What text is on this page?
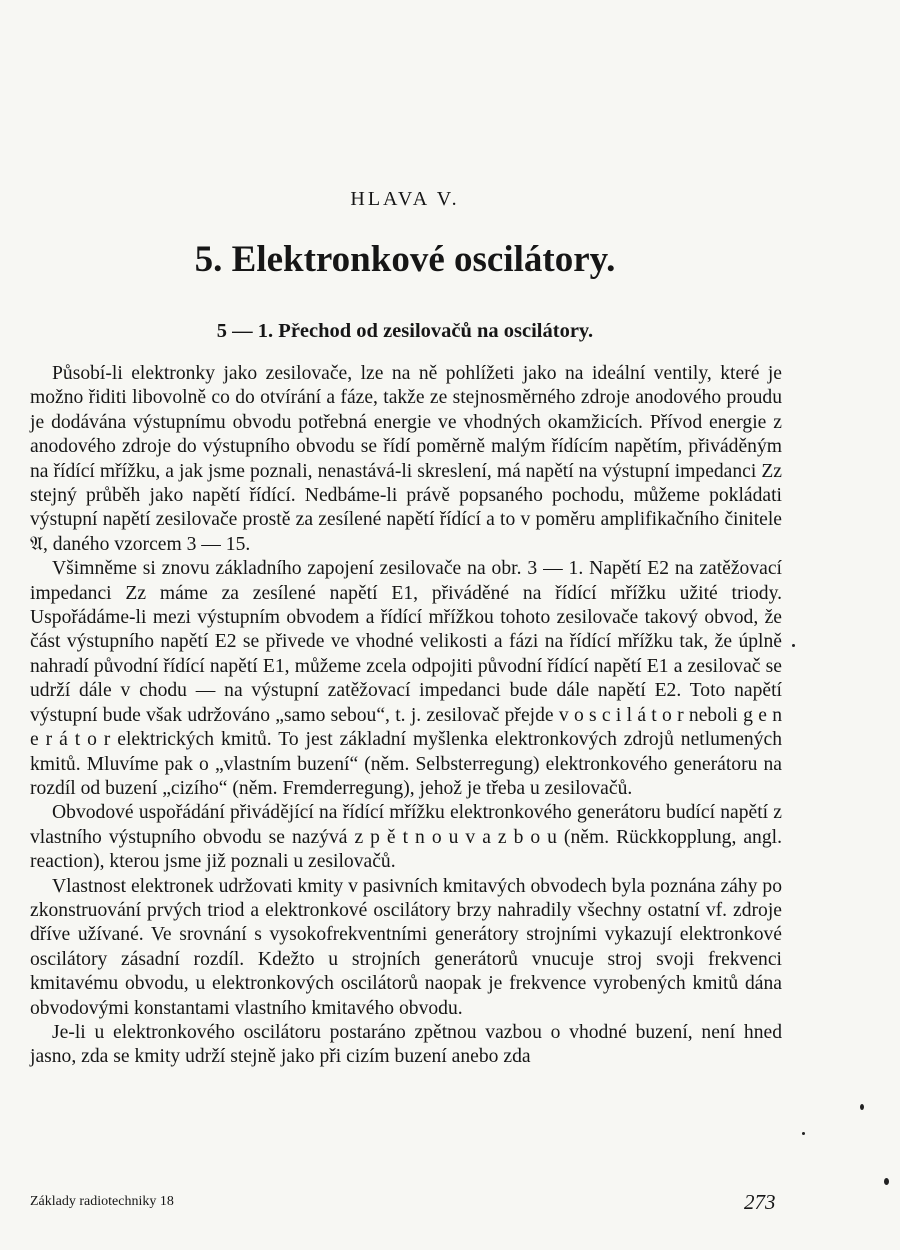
HLAVA V.
5. Elektronkové oscilátory.
5 — 1. Přechod od zesilovačů na oscilátory.

Působí-li elektronky jako zesilovače, lze na ně pohlížeti jako na ideální ventily, které je možno řiditi libovolně co do otvírání a fáze, takže ze stejnosměrného zdroje anodového proudu je dodávána výstupnímu obvodu potřebná energie ve vhodných okamžicích. Přívod energie z anodového zdroje do výstupního obvodu se řídí poměrně malým řídícím napětím, přiváděným na řídící mřížku, a jak jsme poznali, nenastává-li skreslení, má napětí na výstupní impedanci Zz stejný průběh jako napětí řídící. Nedbáme-li právě popsaného pochodu, můžeme pokládati výstupní napětí zesilovače prostě za zesílené napětí řídící a to v poměru amplifikačního činitele 𝔄, daného vzorcem 3 — 15.

Všimněme si znovu základního zapojení zesilovače na obr. 3 — 1. Napětí E2 na zatěžovací impedanci Zz máme za zesílené napětí E1, přiváděné na řídící mřížku užité triody. Uspořádáme-li mezi výstupním obvodem a řídící mřížkou tohoto zesilovače takový obvod, že část výstupního napětí E2 se přivede ve vhodné velikosti a fázi na řídící mřížku tak, že úplně nahradí původní řídící napětí E1, můžeme zcela odpojiti původní řídící napětí E1 a zesilovač se udrží dále v chodu — na výstupní zatěžovací impedanci bude dále napětí E2. Toto napětí výstupní bude však udržováno „samo sebou“, t. j. zesilovač přejde v o s c i l á t o r neboli g e n e r á t o r elektrických kmitů. To jest základní myšlenka elektronkových zdrojů netlumených kmitů. Mluvíme pak o „vlastním buzení“ (něm. Selbsterregung) elektronkového generátoru na rozdíl od buzení „cizího“ (něm. Fremderregung), jehož je třeba u zesilovačů.

Obvodové uspořádání přivádějící na řídící mřížku elektronkového generátoru budící napětí z vlastního výstupního obvodu se nazývá z p ě t n o u v a z b o u (něm. Rückkopplung, angl. reaction), kterou jsme již poznali u zesilovačů.

Vlastnost elektronek udržovati kmity v pasivních kmitavých obvodech byla poznána záhy po zkonstruování prvých triod a elektronkové oscilátory brzy nahradily všechny ostatní vf. zdroje dříve užívané. Ve srovnání s vysokofrekventními generátory strojními vykazují elektronkové oscilátory zásadní rozdíl. Kdežto u strojních generátorů vnucuje stroj svoji frekvenci kmitavému obvodu, u elektronkových oscilátorů naopak je frekvence vyrobených kmitů dána obvodovými konstantami vlastního kmitavého obvodu.

Je-li u elektronkového oscilátoru postaráno zpětnou vazbou o vhodné buzení, není hned jasno, zda se kmity udrží stejně jako při cizím buzení anebo zda

Základy radiotechniky 18	273
